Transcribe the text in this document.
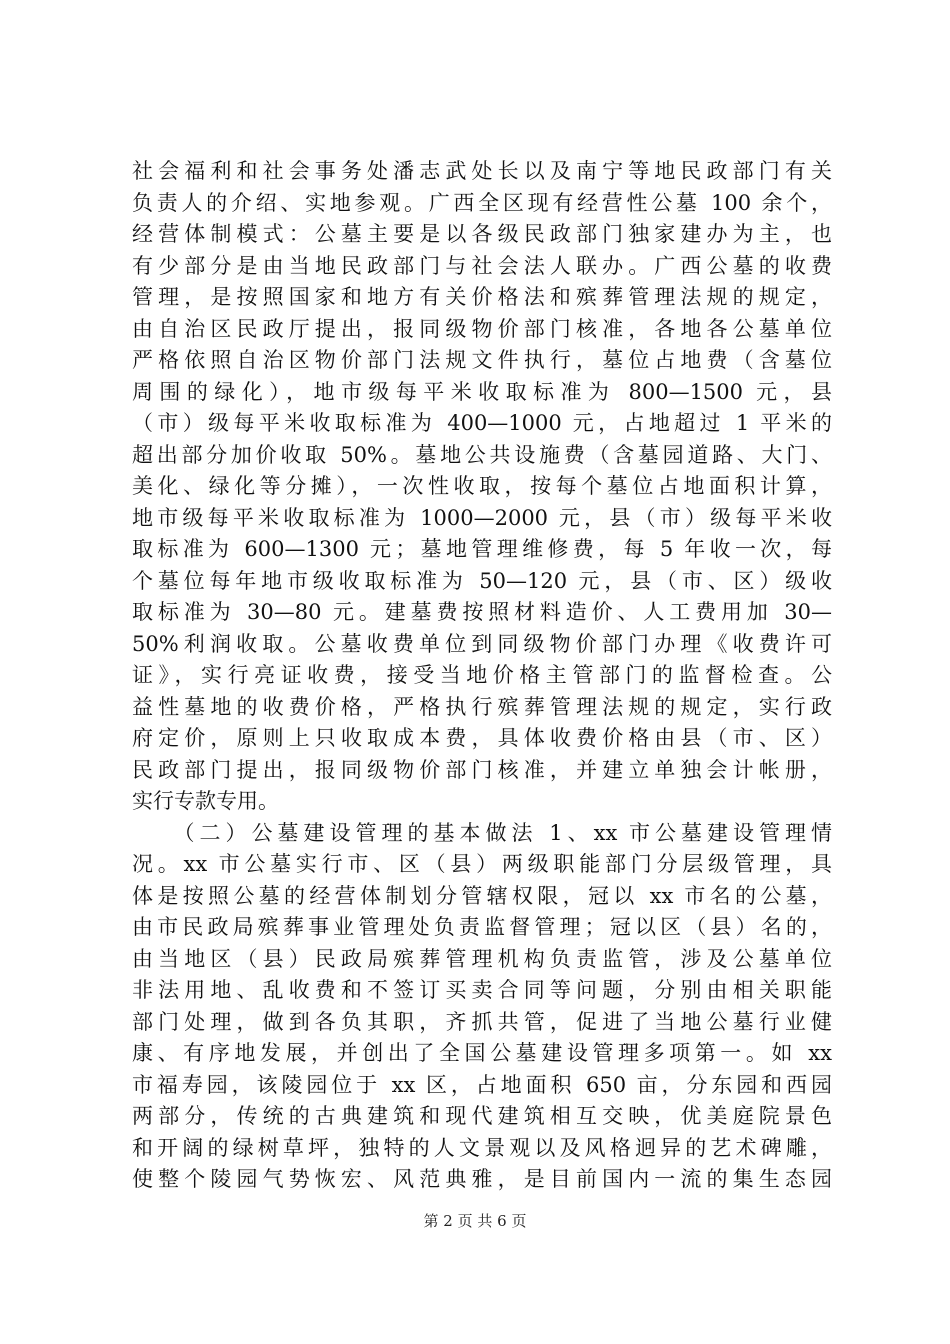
社会福利和社会事务处潘志武处长以及南宁等地民政部门有关
负责人的介绍、实地参观。广西全区现有经营性公墓 100 余个，
经营体制模式：公墓主要是以各级民政部门独家建办为主，也
有少部分是由当地民政部门与社会法人联办。广西公墓的收费
管理，是按照国家和地方有关价格法和殡葬管理法规的规定，
由自治区民政厅提出，报同级物价部门核准，各地各公墓单位
严格依照自治区物价部门法规文件执行，墓位占地费（含墓位
周围的绿化），地市级每平米收取标准为 800—1500 元，县
（市）级每平米收取标准为 400—1000 元，占地超过 1 平米的
超出部分加价收取 50%。墓地公共设施费（含墓园道路、大门、
美化、绿化等分摊），一次性收取，按每个墓位占地面积计算，
地市级每平米收取标准为 1000—2000 元，县（市）级每平米收
取标准为 600—1300 元；墓地管理维修费，每 5 年收一次，每
个墓位每年地市级收取标准为 50—120 元，县（市、区）级收
取标准为 30—80 元。建墓费按照材料造价、人工费用加 30—
50%利润收取。公墓收费单位到同级物价部门办理《收费许可
证》，实行亮证收费，接受当地价格主管部门的监督检查。公
益性墓地的收费价格，严格执行殡葬管理法规的规定，实行政
府定价，原则上只收取成本费，具体收费价格由县（市、区）
民政部门提出，报同级物价部门核准，并建立单独会计帐册，
实行专款专用。
　　（二）公墓建设管理的基本做法 1、xx 市公墓建设管理情
况。xx 市公墓实行市、区（县）两级职能部门分层级管理，具
体是按照公墓的经营体制划分管辖权限，冠以 xx 市名的公墓，
由市民政局殡葬事业管理处负责监督管理；冠以区（县）名的，
由当地区（县）民政局殡葬管理机构负责监管，涉及公墓单位
非法用地、乱收费和不签订买卖合同等问题，分别由相关职能
部门处理，做到各负其职，齐抓共管，促进了当地公墓行业健
康、有序地发展，并创出了全国公墓建设管理多项第一。如 xx
市福寿园，该陵园位于 xx 区，占地面积 650 亩，分东园和西园
两部分，传统的古典建筑和现代建筑相互交映，优美庭院景色
和开阔的绿树草坪，独特的人文景观以及风格迥异的艺术碑雕，
使整个陵园气势恢宏、风范典雅，是目前国内一流的集生态园
第 2 页 共 6 页
